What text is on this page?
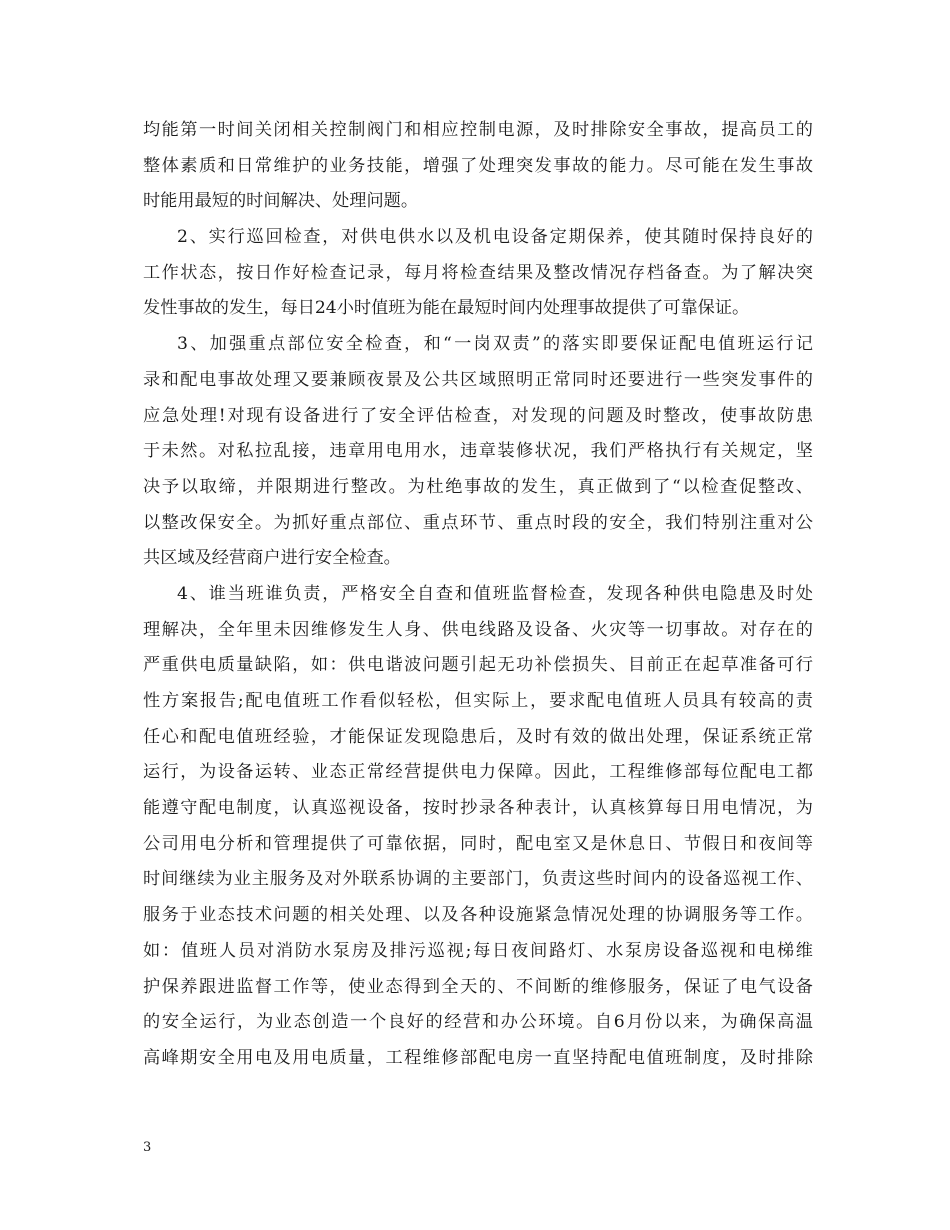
均能第一时间关闭相关控制阀门和相应控制电源，及时排除安全事故，提高员工的
整体素质和日常维护的业务技能，增强了处理突发事故的能力。尽可能在发生事故
时能用最短的时间解决、处理问题。
2、实行巡回检查，对供电供水以及机电设备定期保养，使其随时保持良好的
工作状态，按日作好检查记录，每月将检查结果及整改情况存档备查。为了解决突
发性事故的发生，每日24小时值班为能在最短时间内处理事故提供了可靠保证。
3、加强重点部位安全检查，和“一岗双责”的落实即要保证配电值班运行记
录和配电事故处理又要兼顾夜景及公共区域照明正常同时还要进行一些突发事件的
应急处理!对现有设备进行了安全评估检查，对发现的问题及时整改，使事故防患
于未然。对私拉乱接，违章用电用水，违章装修状况，我们严格执行有关规定，坚
决予以取缔，并限期进行整改。为杜绝事故的发生，真正做到了“以检查促整改、
以整改保安全。为抓好重点部位、重点环节、重点时段的安全，我们特别注重对公
共区域及经营商户进行安全检查。
4、谁当班谁负责，严格安全自查和值班监督检查，发现各种供电隐患及时处
理解决，全年里未因维修发生人身、供电线路及设备、火灾等一切事故。对存在的
严重供电质量缺陷，如：供电谐波问题引起无功补偿损失、目前正在起草准备可行
性方案报告;配电值班工作看似轻松，但实际上，要求配电值班人员具有较高的责
任心和配电值班经验，才能保证发现隐患后，及时有效的做出处理，保证系统正常
运行，为设备运转、业态正常经营提供电力保障。因此，工程维修部每位配电工都
能遵守配电制度，认真巡视设备，按时抄录各种表计，认真核算每日用电情况，为
公司用电分析和管理提供了可靠依据，同时，配电室又是休息日、节假日和夜间等
时间继续为业主服务及对外联系协调的主要部门，负责这些时间内的设备巡视工作、
服务于业态技术问题的相关处理、以及各种设施紧急情况处理的协调服务等工作。
如：值班人员对消防水泵房及排污巡视;每日夜间路灯、水泵房设备巡视和电梯维
护保养跟进监督工作等，使业态得到全天的、不间断的维修服务，保证了电气设备
的安全运行，为业态创造一个良好的经营和办公环境。自6月份以来，为确保高温
高峰期安全用电及用电质量，工程维修部配电房一直坚持配电值班制度，及时排除
3
